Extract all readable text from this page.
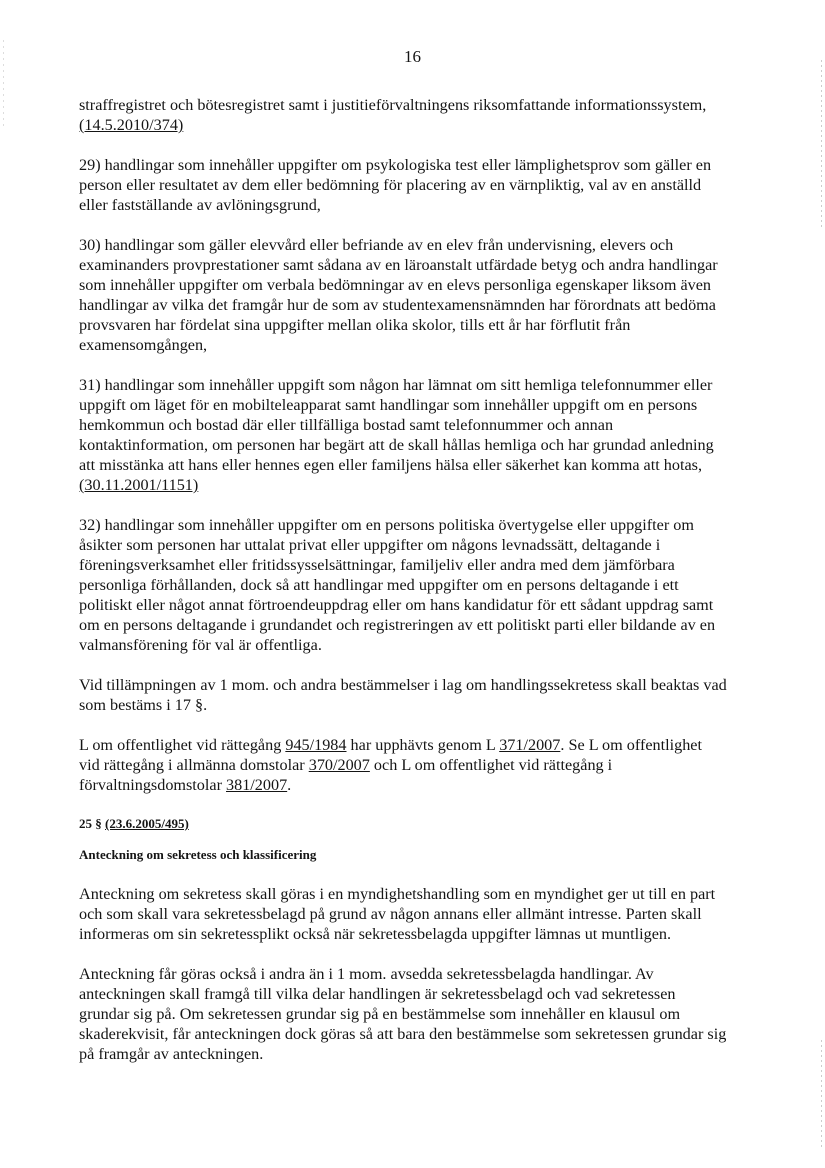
16

straffregistret och bötesregistret samt i justitieförvaltningens riksomfattande informationssystem,
(14.5.2010/374)

29) handlingar som innehåller uppgifter om psykologiska test eller lämplighetsprov som gäller en
person eller resultatet av dem eller bedömning för placering av en värnpliktig, val av en anställd
eller fastställande av avlöningsgrund,

30) handlingar som gäller elevvård eller befriande av en elev från undervisning, elevers och
examinanders provprestationer samt sådana av en läroanstalt utfärdade betyg och andra handlingar
som innehåller uppgifter om verbala bedömningar av en elevs personliga egenskaper liksom även
handlingar av vilka det framgår hur de som av studentexamensnämnden har förordnats att bedöma
provsvaren har fördelat sina uppgifter mellan olika skolor, tills ett år har förflutit från
examensomgången,

31) handlingar som innehåller uppgift som någon har lämnat om sitt hemliga telefonnummer eller
uppgift om läget för en mobilteleapparat samt handlingar som innehåller uppgift om en persons
hemkommun och bostad där eller tillfälliga bostad samt telefonnummer och annan
kontaktinformation, om personen har begärt att de skall hållas hemliga och har grundad anledning
att misstänka att hans eller hennes egen eller familjens hälsa eller säkerhet kan komma att hotas,
(30.11.2001/1151)

32) handlingar som innehåller uppgifter om en persons politiska övertygelse eller uppgifter om
åsikter som personen har uttalat privat eller uppgifter om någons levnadssätt, deltagande i
föreningsverksamhet eller fritidssysselsättningar, familjeliv eller andra med dem jämförbara
personliga förhållanden, dock så att handlingar med uppgifter om en persons deltagande i ett
politiskt eller något annat förtroendeuppdrag eller om hans kandidatur för ett sådant uppdrag samt
om en persons deltagande i grundandet och registreringen av ett politiskt parti eller bildande av en
valmansförening för val är offentliga.

Vid tillämpningen av 1 mom. och andra bestämmelser i lag om handlingssekretess skall beaktas vad
som bestäms i 17 §.

L om offentlighet vid rättegång 945/1984 har upphävts genom L 371/2007. Se L om offentlighet
vid rättegång i allmänna domstolar 370/2007 och L om offentlighet vid rättegång i
förvaltningsdomstolar 381/2007.

25 § (23.6.2005/495)
Anteckning om sekretess och klassificering

Anteckning om sekretess skall göras i en myndighetshandling som en myndighet ger ut till en part
och som skall vara sekretessbelagd på grund av någon annans eller allmänt intresse. Parten skall
informeras om sin sekretessplikt också när sekretessbelagda uppgifter lämnas ut muntligen.

Anteckning får göras också i andra än i 1 mom. avsedda sekretessbelagda handlingar. Av
anteckningen skall framgå till vilka delar handlingen är sekretessbelagd och vad sekretessen
grundar sig på. Om sekretessen grundar sig på en bestämmelse som innehåller en klausul om
skaderekvisit, får anteckningen dock göras så att bara den bestämmelse som sekretessen grundar sig
på framgår av anteckningen.
